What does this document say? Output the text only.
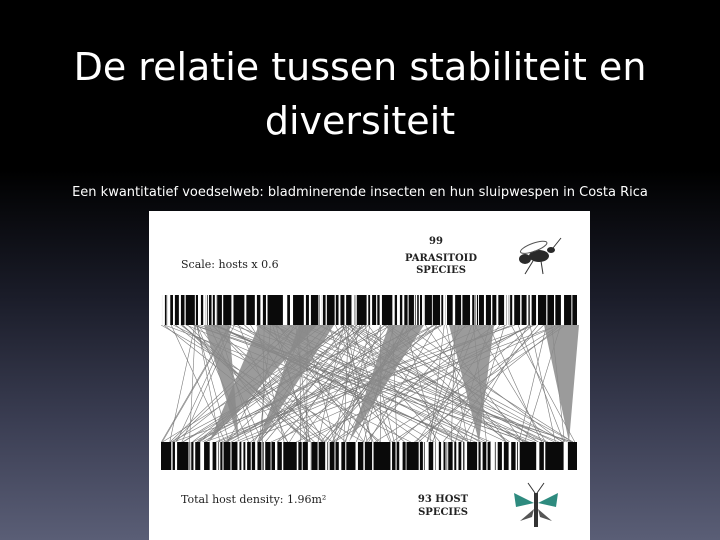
De relatie tussen stabiliteit en diversiteit
Een kwantitatief voedselweb: bladminerende insecten en hun sluipwespen in Costa Rica
Scale: hosts x 0.6
99
PARASITOID SPECIES
Total host density: 1.96m²	93 HOST SPECIES
